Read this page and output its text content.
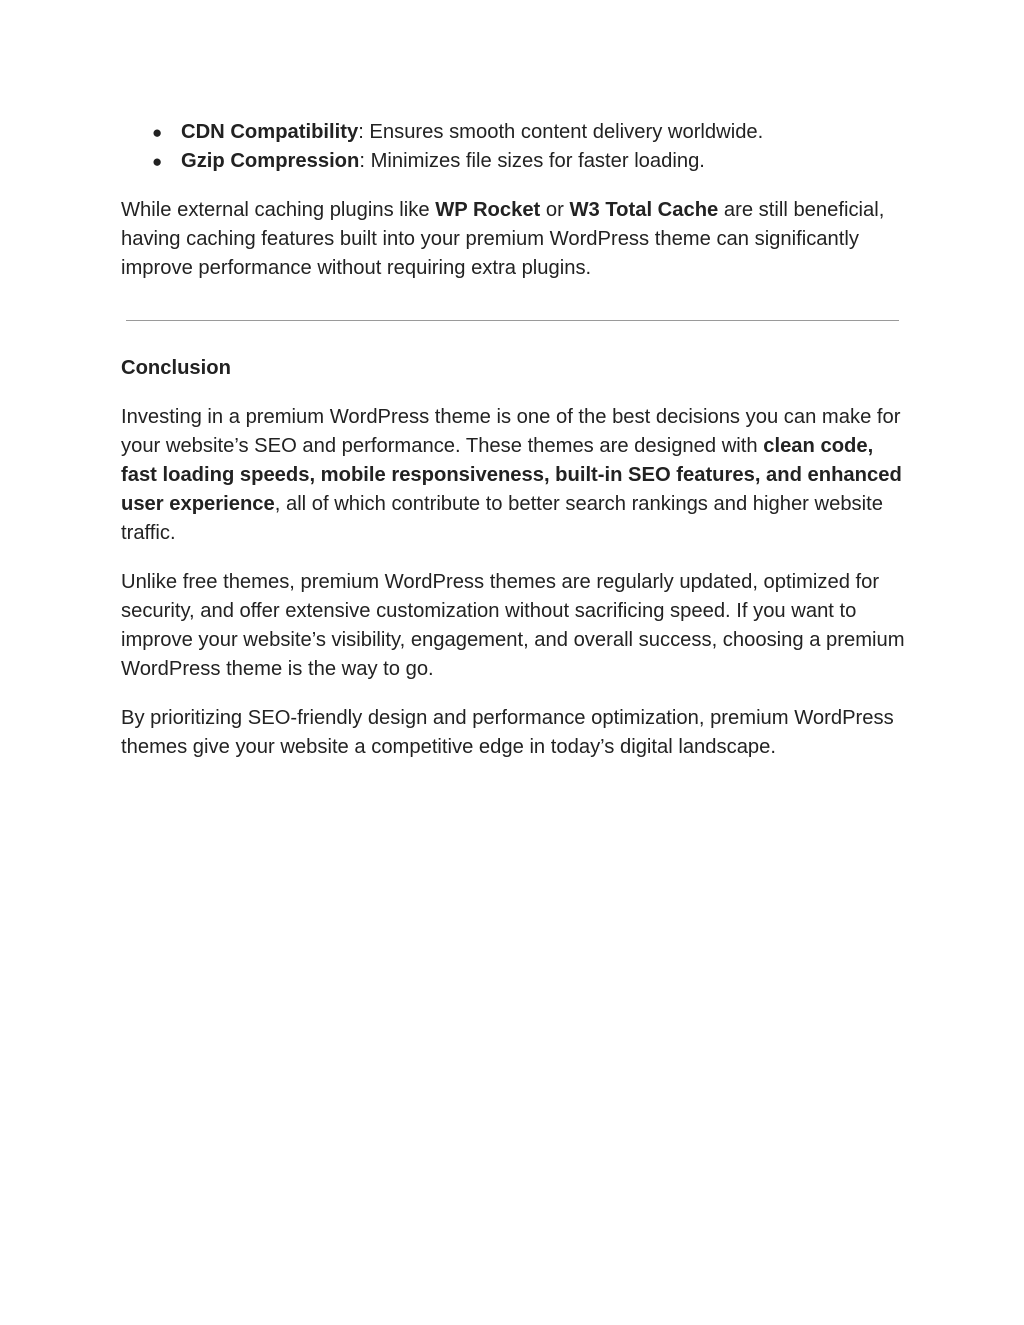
● CDN Compatibility: Ensures smooth content delivery worldwide.
● Gzip Compression: Minimizes file sizes for faster loading.

While external caching plugins like WP Rocket or W3 Total Cache are still beneficial, having caching features built into your premium WordPress theme can significantly improve performance without requiring extra plugins.

Conclusion

Investing in a premium WordPress theme is one of the best decisions you can make for your website’s SEO and performance. These themes are designed with clean code, fast loading speeds, mobile responsiveness, built-in SEO features, and enhanced user experience, all of which contribute to better search rankings and higher website traffic.

Unlike free themes, premium WordPress themes are regularly updated, optimized for security, and offer extensive customization without sacrificing speed. If you want to improve your website’s visibility, engagement, and overall success, choosing a premium WordPress theme is the way to go.

By prioritizing SEO-friendly design and performance optimization, premium WordPress themes give your website a competitive edge in today’s digital landscape.
